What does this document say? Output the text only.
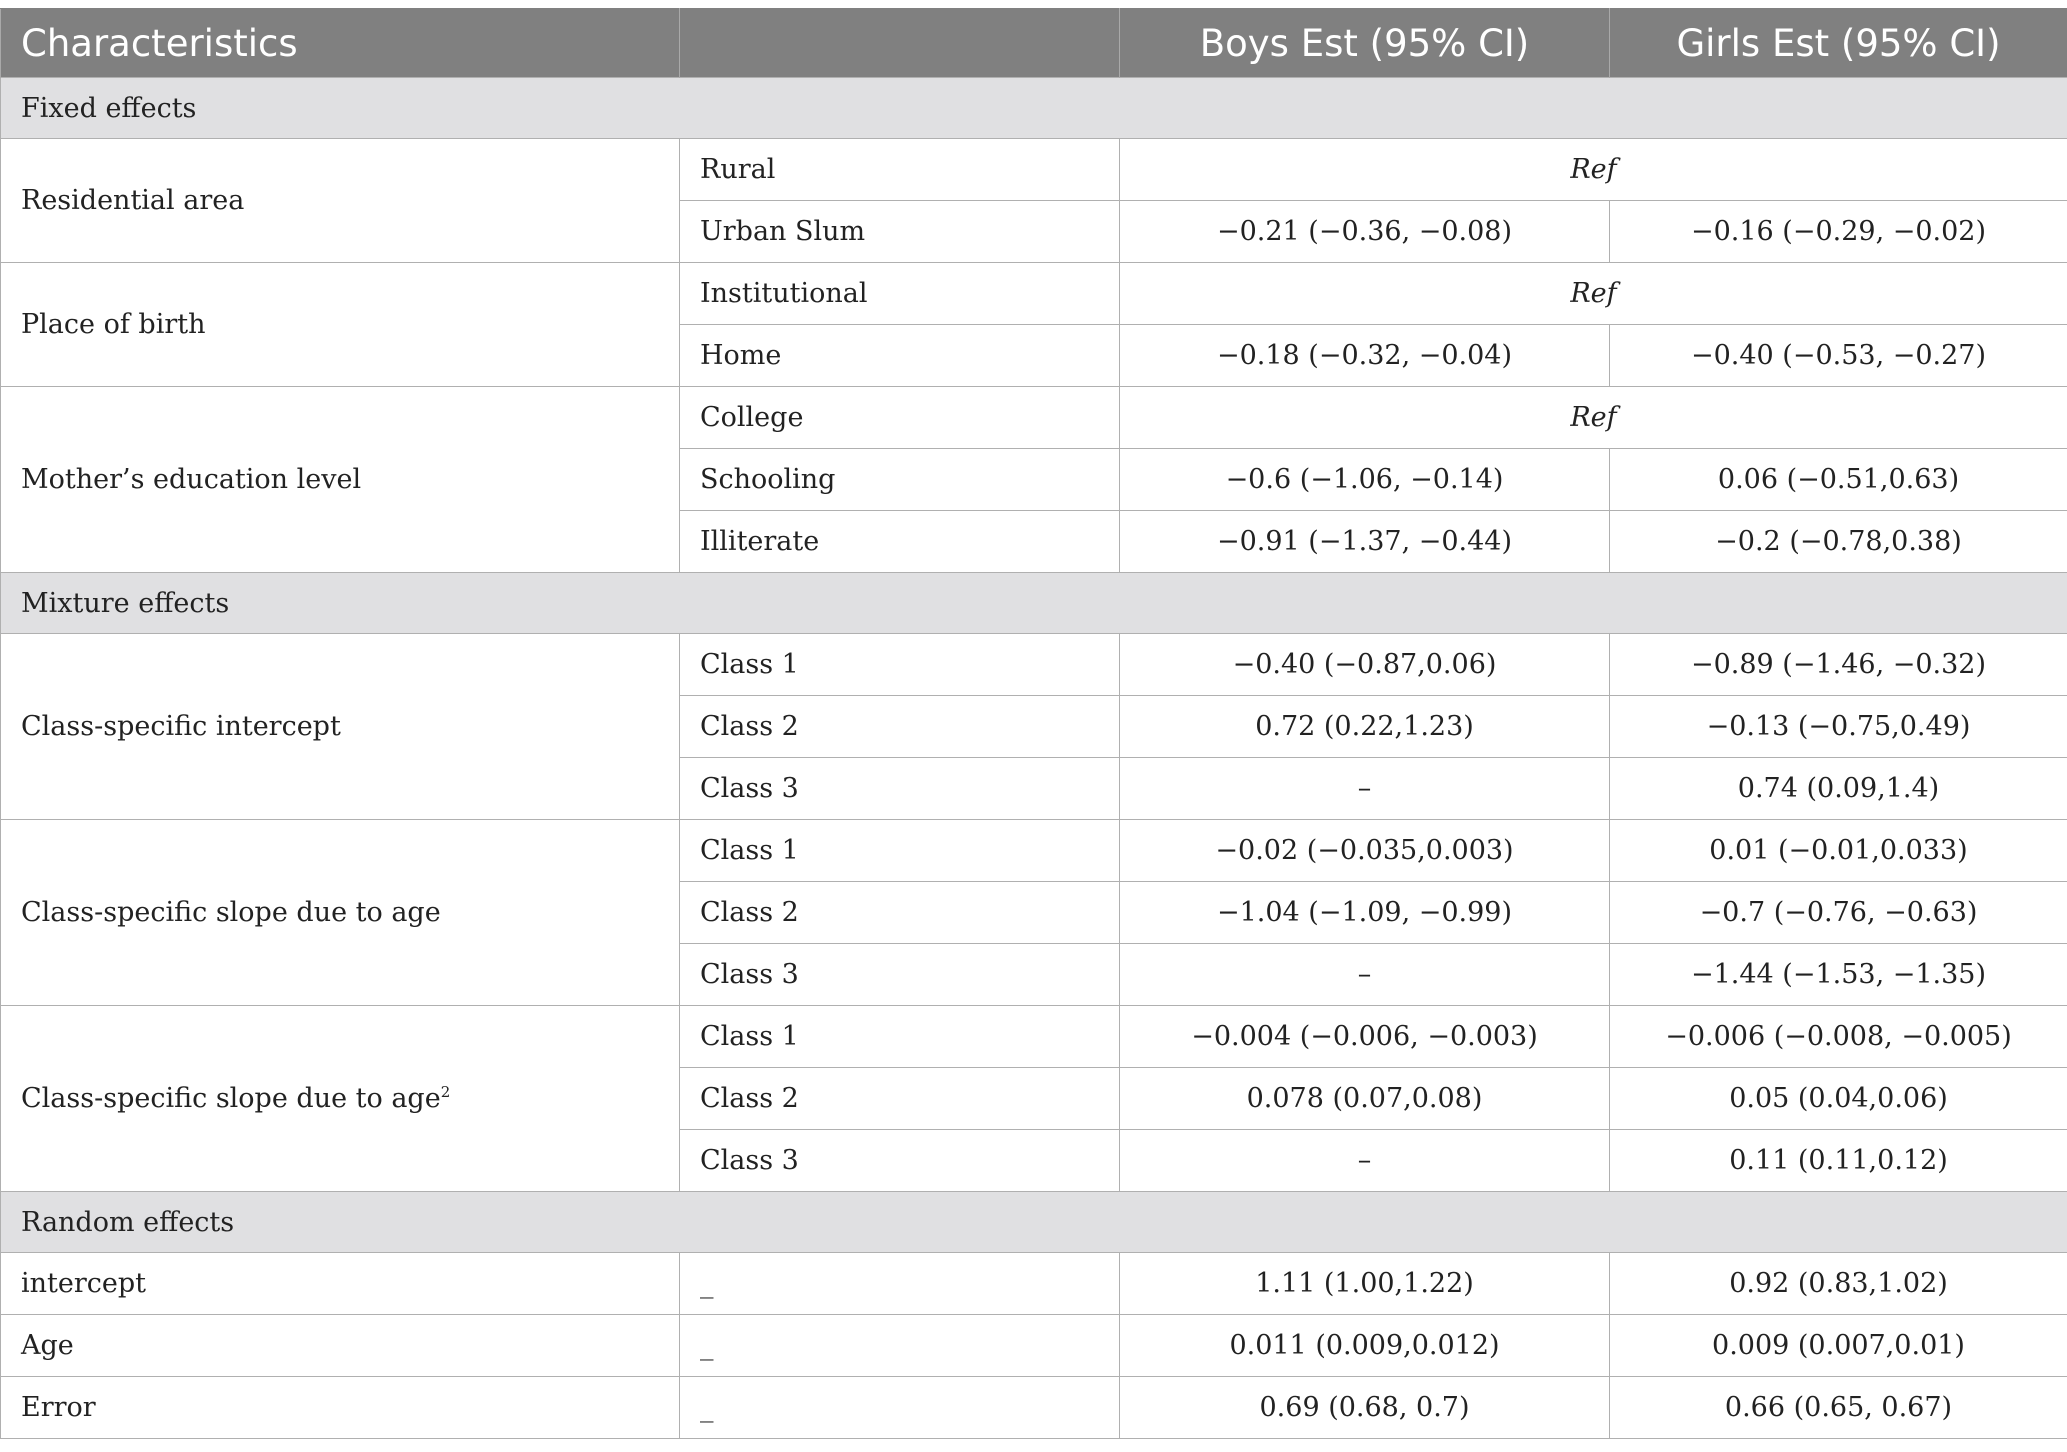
Characteristics		Boys Est (95% CI)	Girls Est (95% CI)
Fixed effects			
Residential area	Rural	Ref	
	Urban Slum	−0.21 (−0.36, −0.08)	−0.16 (−0.29, −0.02)
Place of birth	Institutional	Ref	
	Home	−0.18 (−0.32, −0.04)	−0.40 (−0.53, −0.27)
Mother’s education level	College	Ref	
	Schooling	−0.6 (−1.06, −0.14)	0.06 (−0.51,0.63)
	Illiterate	−0.91 (−1.37, −0.44)	−0.2 (−0.78,0.38)
Mixture effects			
Class-specific intercept	Class 1	−0.40 (−0.87,0.06)	−0.89 (−1.46, −0.32)
	Class 2	0.72 (0.22,1.23)	−0.13 (−0.75,0.49)
	Class 3	–	0.74 (0.09,1.4)
Class-specific slope due to age	Class 1	−0.02 (−0.035,0.003)	0.01 (−0.01,0.033)
	Class 2	−1.04 (−1.09, −0.99)	−0.7 (−0.76, −0.63)
	Class 3	–	−1.44 (−1.53, −1.35)
Class-specific slope due to age$^2$	Class 1	−0.004 (−0.006, −0.003)	−0.006 (−0.008, −0.005)
	Class 2	0.078 (0.07,0.08)	0.05 (0.04,0.06)
	Class 3	–	0.11 (0.11,0.12)
Random effects			
intercept	_	1.11 (1.00,1.22)	0.92 (0.83,1.02)
Age	_	0.011 (0.009,0.012)	0.009 (0.007,0.01)
Error	_	0.69 (0.68, 0.7)	0.66 (0.65, 0.67)
